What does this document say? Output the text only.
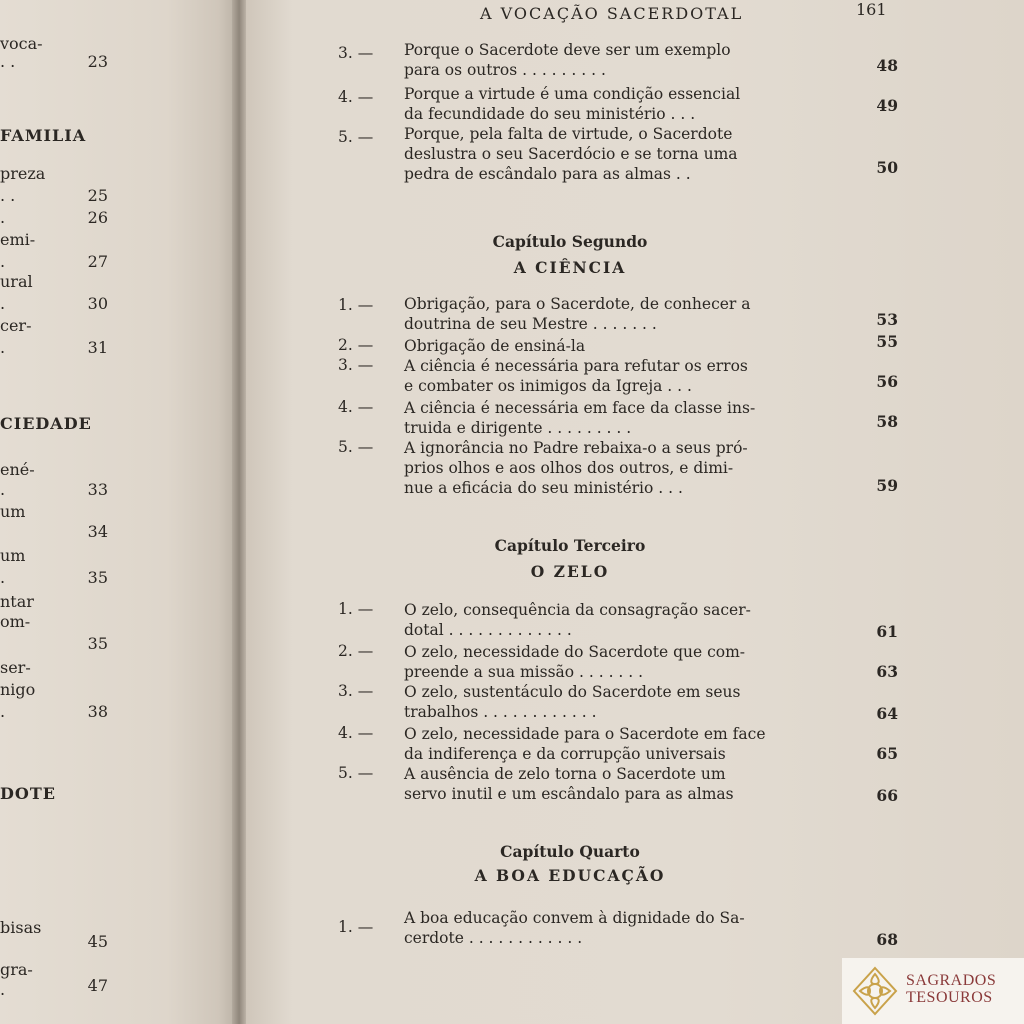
voca-
. .	23
FAMILIA
preza
. .	25
.	26
emi-
.	27
ural
.	30
cer-
.	31
CIEDADE
ené-
.	33
um
34
um
.	35
ntar
om-
35
ser-
nigo
.	38
DOTE
bisas
45
gra-
.	47
A VOCAÇÃO SACERDOTAL	161
3. — Porque o Sacerdote deve ser um exemplo
para os outros . . . . . . . . .	48
4. — Porque a virtude é uma condição essencial
da fecundidade do seu ministério . . .	49
5. — Porque, pela falta de virtude, o Sacerdote
deslustra o seu Sacerdócio e se torna uma
pedra de escândalo para as almas . .	50
Capítulo Segundo
A CIÊNCIA
1. — Obrigação, para o Sacerdote, de conhecer a
doutrina de seu Mestre . . . . . . .	53
2. — Obrigação de ensiná-la	55
3. — A ciência é necessária para refutar os erros
e combater os inimigos da Igreja . . .	56
4. — A ciência é necessária em face da classe ins-
truida e dirigente . . . . . . . . .	58
5. — A ignorância no Padre rebaixa-o a seus pró-
prios olhos e aos olhos dos outros, e dimi-
nue a eficácia do seu ministério . . .	59
Capítulo Terceiro
O ZELO
1. — O zelo, consequência da consagração sacer-
dotal . . . . . . . . . . . . .	61
2. — O zelo, necessidade do Sacerdote que com-
preende a sua missão . . . . . . .	63
3. — O zelo, sustentáculo do Sacerdote em seus
trabalhos . . . . . . . . . . . .	64
4. — O zelo, necessidade para o Sacerdote em face
da indiferença e da corrupção universais	65
5. — A ausência de zelo torna o Sacerdote um
servo inutil e um escândalo para as almas	66
Capítulo Quarto
A BOA EDUCAÇÃO
1. — A boa educação convem à dignidade do Sa-
cerdote . . . . . . . . . . . .	68
SAGRADOS
TESOUROS
